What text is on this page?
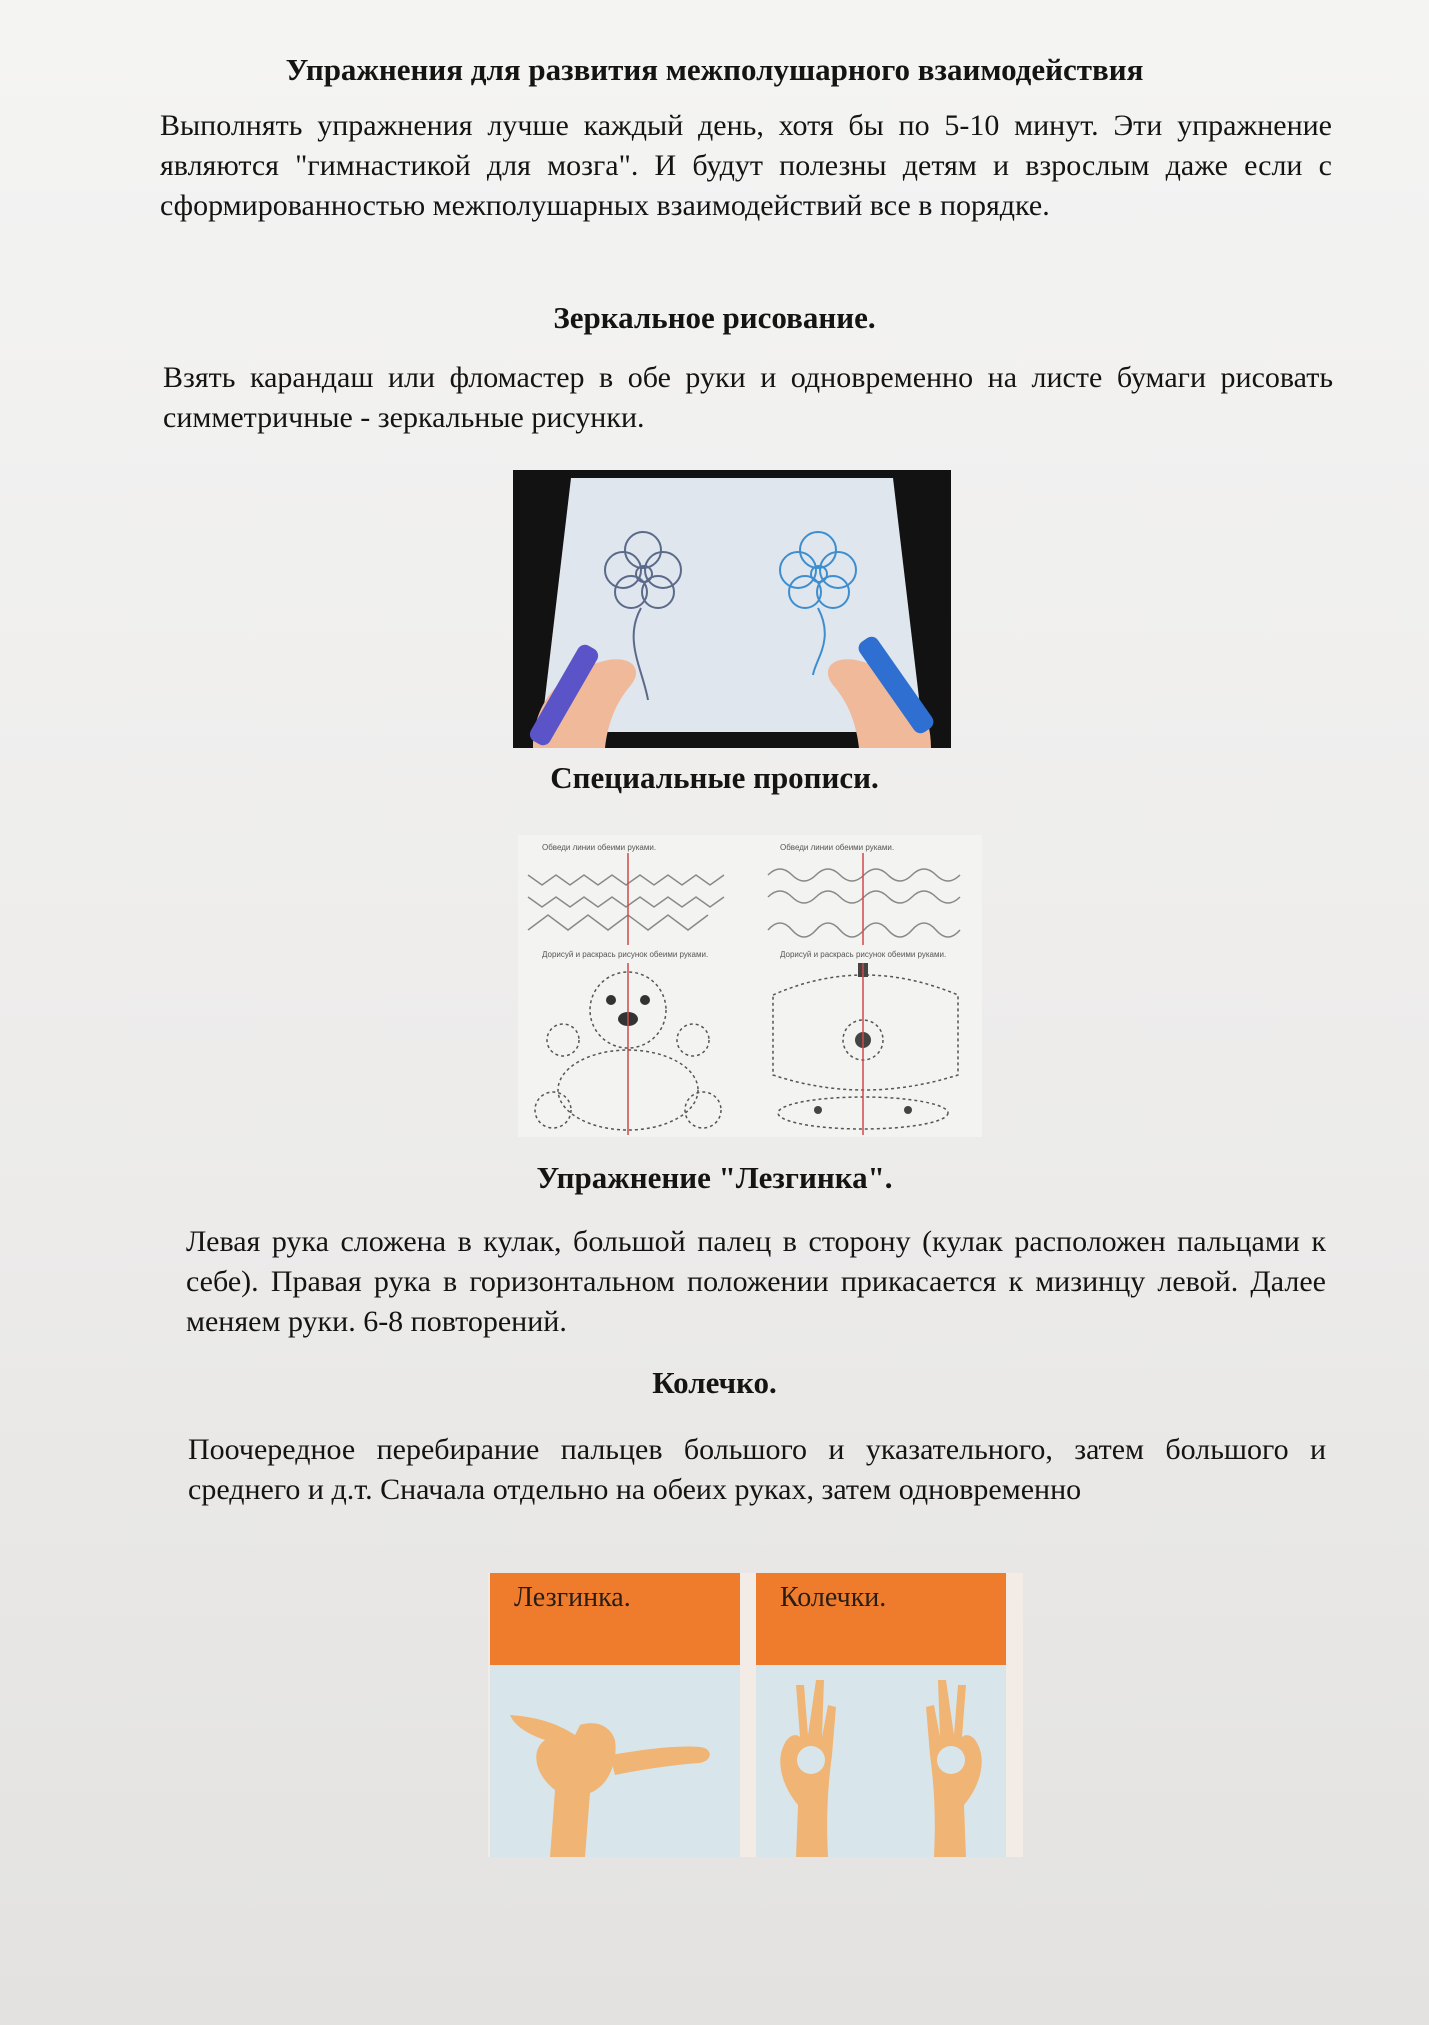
Упражнения для развития межполушарного взаимодействия

Выполнять упражнения лучше каждый день, хотя бы по 5-10 минут. Эти упражнение являются "гимнастикой для мозга". И будут полезны детям и взрослым даже если с сформированностью межполушарных взаимодействий все в порядке.

Зеркальное рисование.

Взять карандаш или фломастер в обе руки и одновременно на листе бумаги рисовать симметричные - зеркальные рисунки.

Специальные прописи.
Обведи линии обеими руками.	Обведи линии обеими руками.
Дорисуй и раскрась рисунок обеими руками.	Дорисуй и раскрась рисунок обеими руками.
Упражнение "Лезгинка".

Левая рука сложена в кулак, большой палец в сторону (кулак расположен пальцами к себе). Правая рука в горизонтальном положении прикасается к мизинцу левой. Далее меняем руки. 6-8 повторений.

Колечко.

Поочередное перебирание пальцев большого и указательного, затем большого и среднего и д.т. Сначала отдельно на обеих руках, затем одновременно

Лезгинка.	Колечки.
